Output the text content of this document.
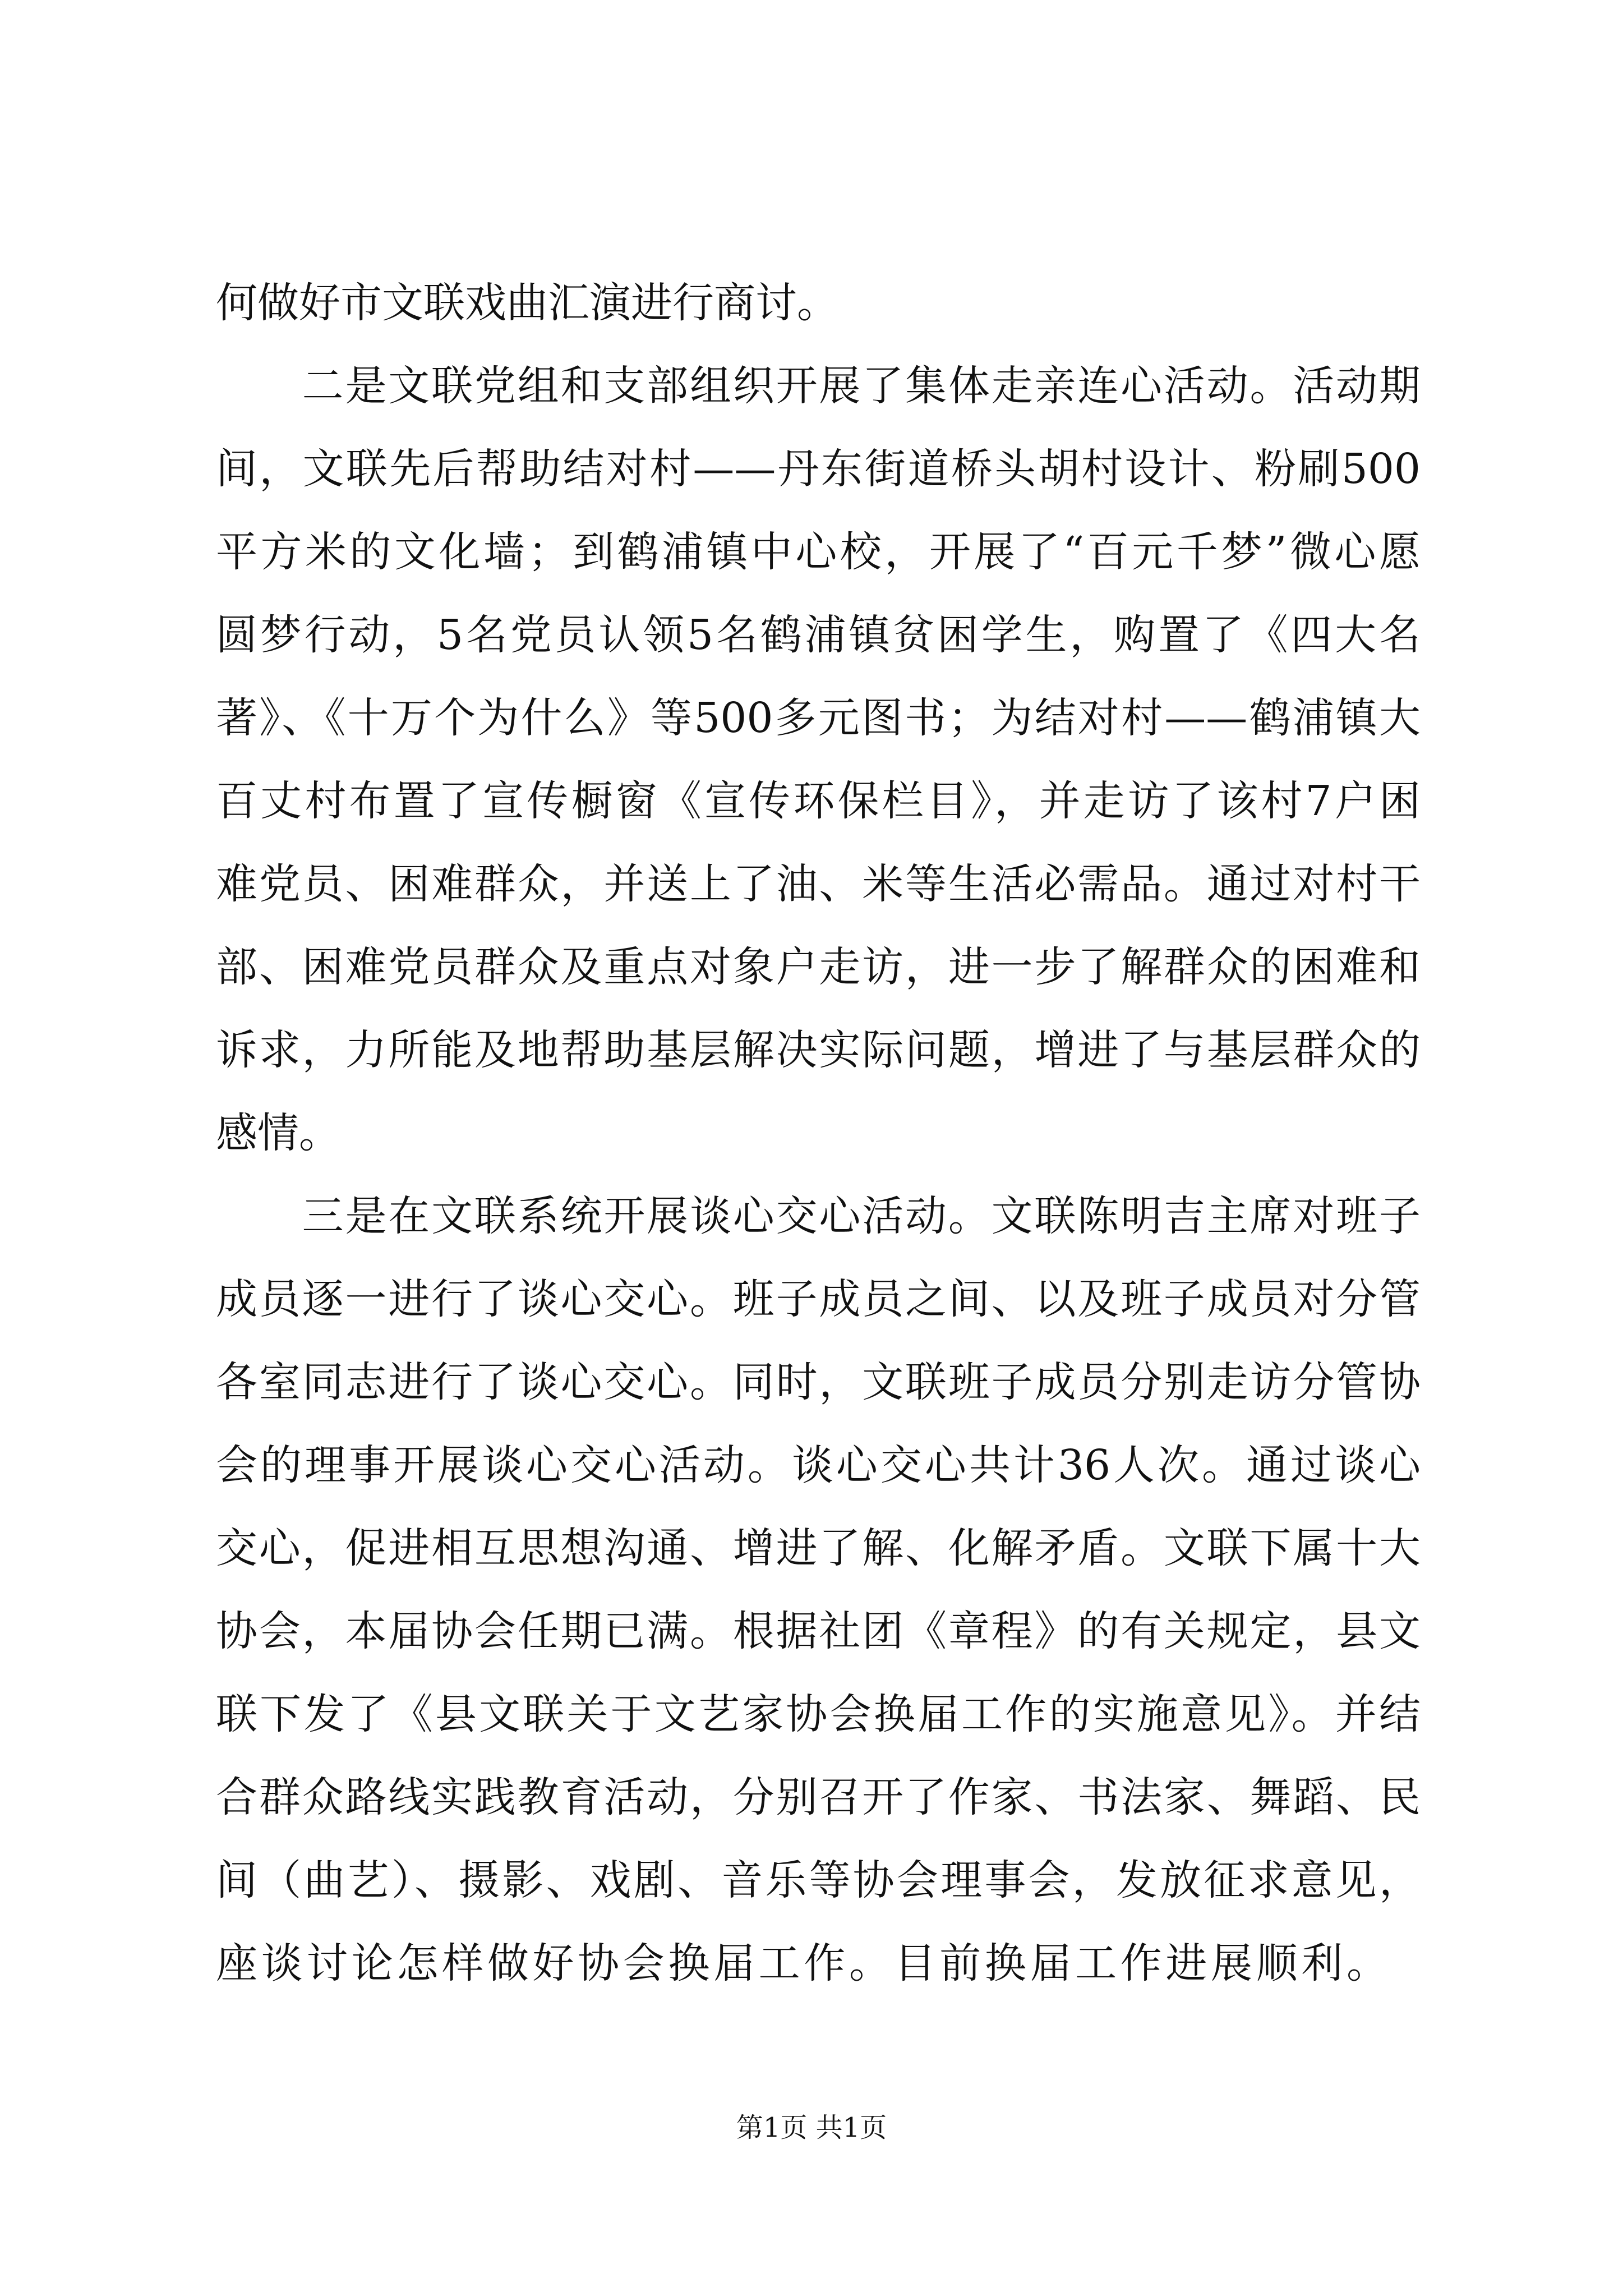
何做好市文联戏曲汇演进行商讨。
　　二是文联党组和支部组织开展了集体走亲连心活动。活动期
间，文联先后帮助结对村——丹东街道桥头胡村设计、粉刷500
平方米的文化墙；到鹤浦镇中心校，开展了“百元千梦”微心愿
圆梦行动，5名党员认领5名鹤浦镇贫困学生，购置了《四大名
著》、《十万个为什么》等500多元图书；为结对村——鹤浦镇大
百丈村布置了宣传橱窗《宣传环保栏目》，并走访了该村7户困
难党员、困难群众，并送上了油、米等生活必需品。通过对村干
部、困难党员群众及重点对象户走访，进一步了解群众的困难和
诉求，力所能及地帮助基层解决实际问题，增进了与基层群众的
感情。
　　三是在文联系统开展谈心交心活动。文联陈明吉主席对班子
成员逐一进行了谈心交心。班子成员之间、以及班子成员对分管
各室同志进行了谈心交心。同时，文联班子成员分别走访分管协
会的理事开展谈心交心活动。谈心交心共计36人次。通过谈心
交心，促进相互思想沟通、增进了解、化解矛盾。文联下属十大
协会，本届协会任期已满。根据社团《章程》的有关规定，县文
联下发了《县文联关于文艺家协会换届工作的实施意见》。并结
合群众路线实践教育活动，分别召开了作家、书法家、舞蹈、民
间（曲艺）、摄影、戏剧、音乐等协会理事会，发放征求意见，
座谈讨论怎样做好协会换届工作。目前换届工作进展顺利。
第1页 共1页
